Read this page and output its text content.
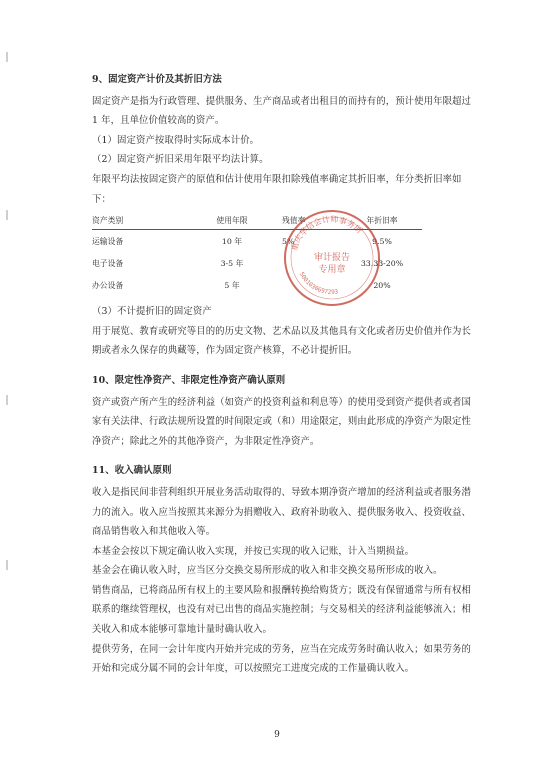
9、固定资产计价及其折旧方法

固定资产是指为行政管理、提供服务、生产商品或者出租目的而持有的，预计使用年限超过 1 年，且单位价值较高的资产。

（1）固定资产按取得时实际成本计价。

（2）固定资产折旧采用年限平均法计算。

年限平均法按固定资产的原值和估计使用年限扣除残值率确定其折旧率，年分类折旧率如下：

资产类别	使用年限	残值率	年折旧率
运输设备	10 年	5%	9.5%
电子设备	3-5 年		33.33-20%
办公设备	5 年		20%

（3）不计提折旧的固定资产

用于展览、教育或研究等目的的历史文物、艺术品以及其他具有文化或者历史价值并作为长期或者永久保存的典藏等，作为固定资产核算，不必计提折旧。

10、限定性净资产、非限定性净资产确认原则

资产或资产所产生的经济利益（如资产的投资利益和利息等）的使用受到资产提供者或者国家有关法律、行政法规所设置的时间限定或（和）用途限定，则由此形成的净资产为限定性净资产；除此之外的其他净资产，为非限定性净资产。

11、收入确认原则

收入是指民间非营利组织开展业务活动取得的、导致本期净资产增加的经济利益或者服务潜力的流入。收入应当按照其来源分为捐赠收入、政府补助收入、提供服务收入、投资收益、商品销售收入和其他收入等。

本基金会按以下规定确认收入实现，并按已实现的收入记账，计入当期损益。

基金会在确认收入时，应当区分交换交易所形成的收入和非交换交易所形成的收入。

销售商品，已将商品所有权上的主要风险和报酬转换给购货方；既没有保留通常与所有权相联系的继续管理权，也没有对已出售的商品实施控制；与交易相关的经济利益能够流入；相关收入和成本能够可靠地计量时确认收入。

提供劳务，在同一会计年度内开始并完成的劳务，应当在完成劳务时确认收入；如果劳务的开始和完成分属不同的会计年度，可以按照完工进度完成的工作量确认收入。

重庆华信会计师事务所
5001030697293
审计报告
专用章
9
